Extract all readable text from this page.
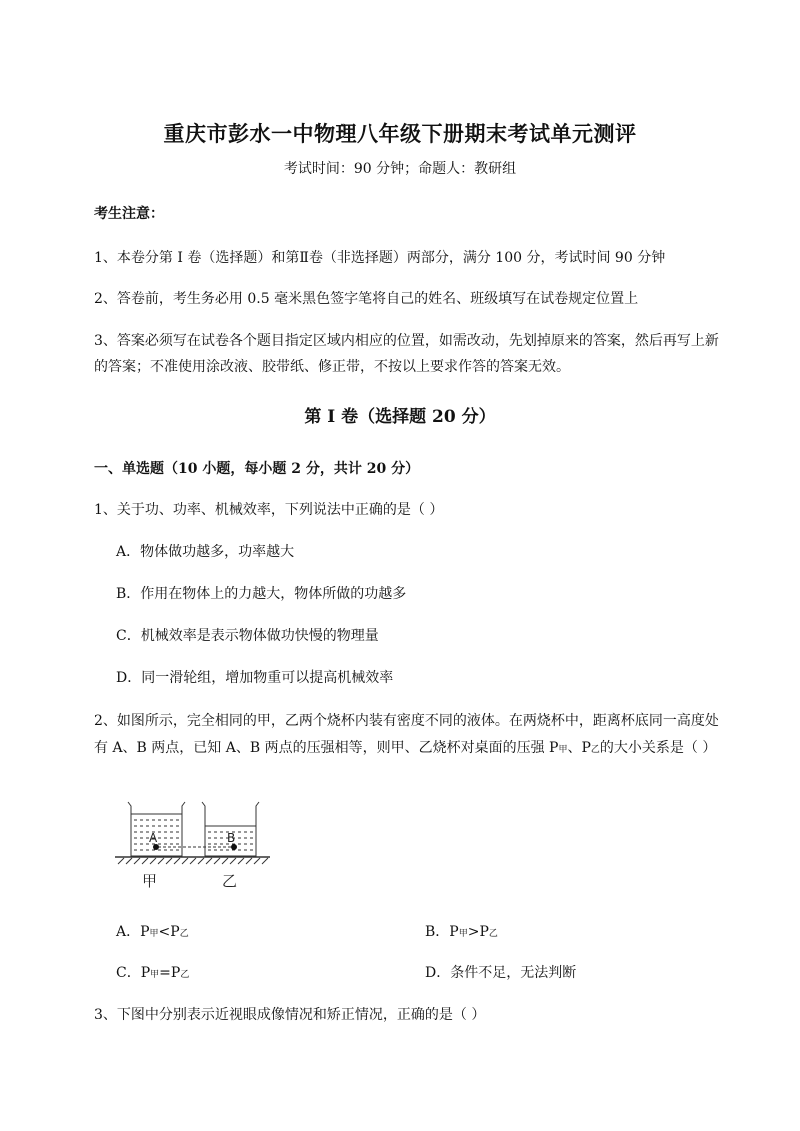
重庆市彭水一中物理八年级下册期末考试单元测评
考试时间：90 分钟；命题人：教研组
考生注意：
1、本卷分第 I 卷（选择题）和第Ⅱ卷（非选择题）两部分，满分 100 分，考试时间 90 分钟
2、答卷前，考生务必用 0.5 毫米黑色签字笔将自己的姓名、班级填写在试卷规定位置上
3、答案必须写在试卷各个题目指定区域内相应的位置，如需改动，先划掉原来的答案，然后再写上新
的答案；不准使用涂改液、胶带纸、修正带，不按以上要求作答的答案无效。
第 I 卷（选择题 20 分）
一、单选题（10 小题，每小题 2 分，共计 20 分）
1、关于功、功率、机械效率，下列说法中正确的是（ ）
A．物体做功越多，功率越大
B．作用在物体上的力越大，物体所做的功越多
C．机械效率是表示物体做功快慢的物理量
D．同一滑轮组，增加物重可以提高机械效率
2、如图所示，完全相同的甲，乙两个烧杯内装有密度不同的液体。在两烧杯中，距离杯底同一高度处
有 A、B 两点，已知 A、B 两点的压强相等，则甲、乙烧杯对桌面的压强 P甲、P乙的大小关系是（ ）
A	B
甲	乙
A．P甲<P乙	B．P甲>P乙
C．P甲=P乙	D．条件不足，无法判断
3、下图中分别表示近视眼成像情况和矫正情况，正确的是（ ）
